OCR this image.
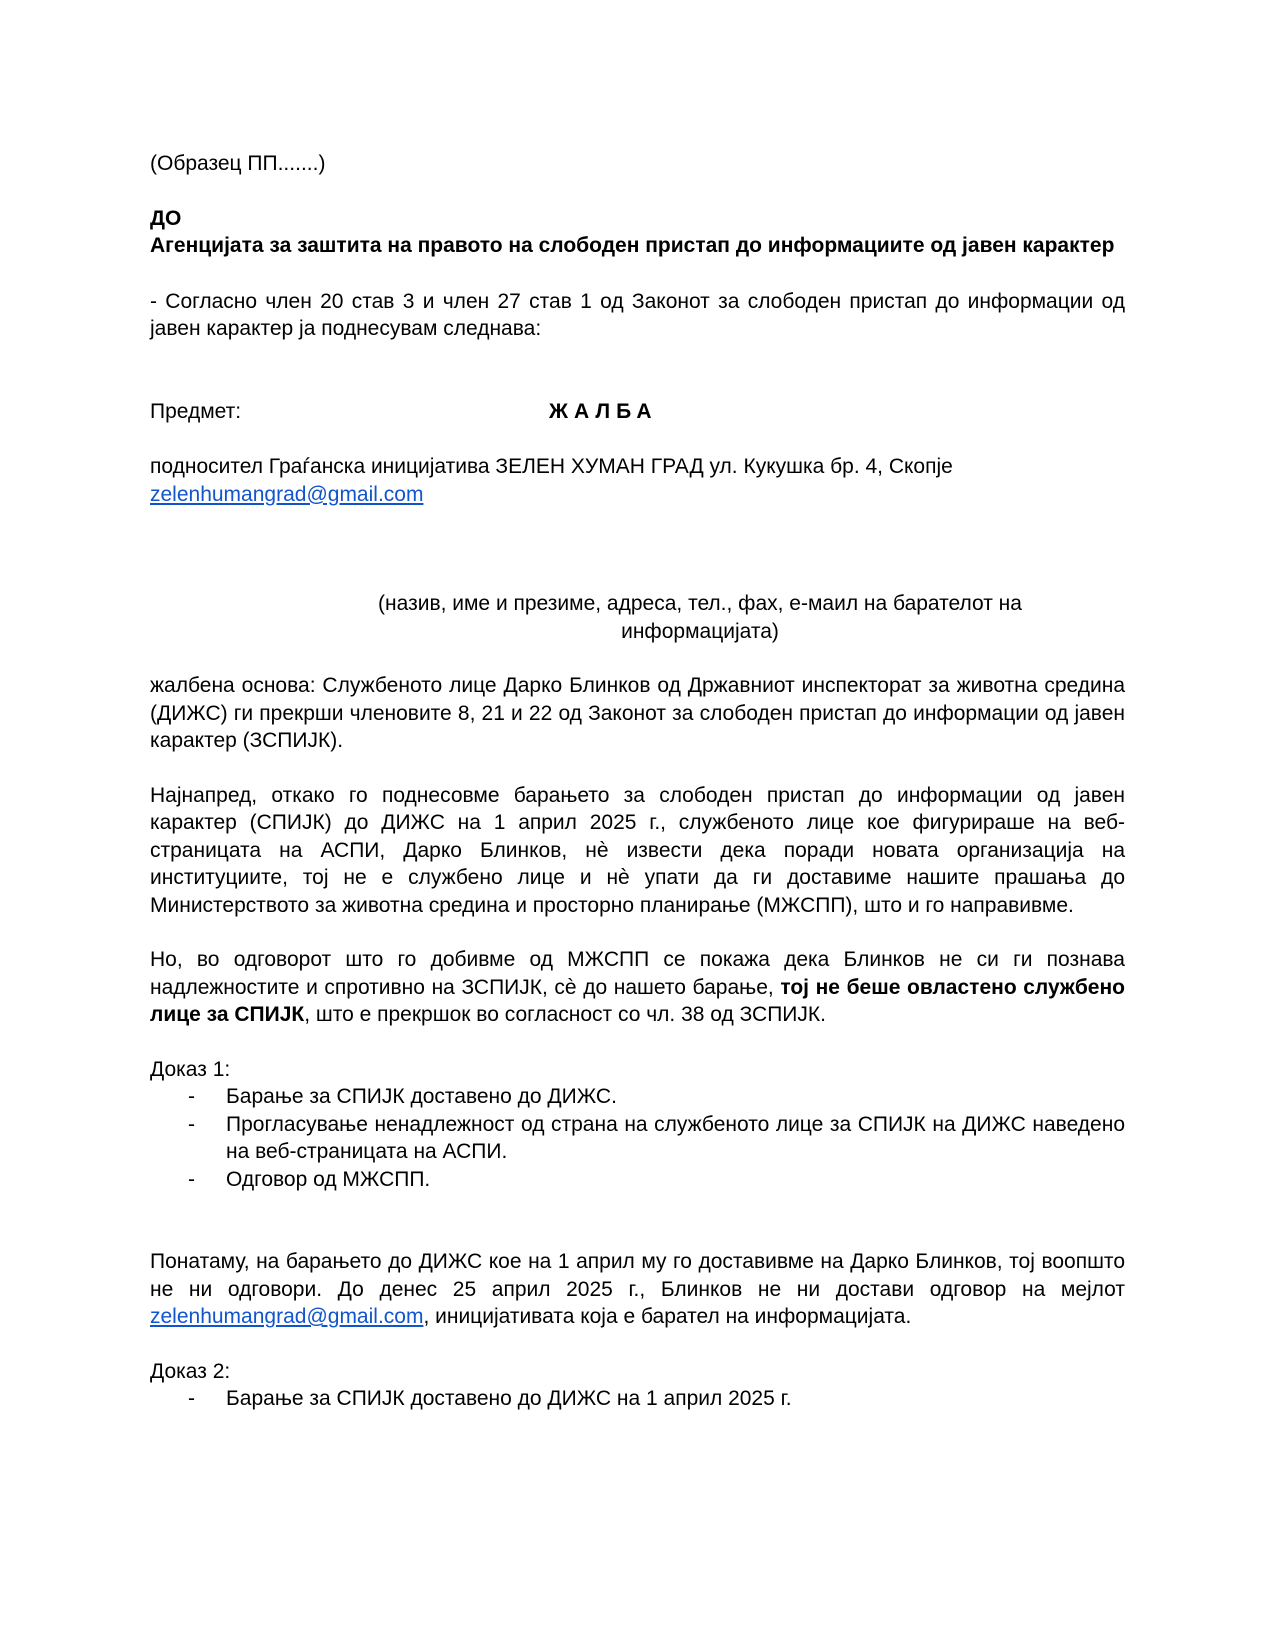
(Образец ПП.......)

ДО

Агенцијата за заштита на правото на слободен пристап до информациите од јавен карактер

- Согласно член 20 став 3 и член 27 став 1 од Законот за слободен пристап до информации од јавен карактер ја поднесувам следнава:

Предмет:	ЖАЛБА

подносител Граѓанска иницијатива ЗЕЛЕН ХУМАН ГРАД ул. Кукушка бр. 4, Скопје
zelenhumangrad@gmail.com

(назив, име и презиме, адреса, тел., фах, е-маил на барателот на информацијата)

жалбена основа: Службеното лице Дарко Блинков од Државниот инспекторат за животна средина (ДИЖС) ги прекрши членовите 8, 21 и 22 од Законот за слободен пристап до информации од јавен карактер (ЗСПИЈК).

Најнапред, откако го поднесовме барањето за слободен пристап до информации од јавен карактер (СПИЈК) до ДИЖС на 1 април 2025 г., службеното лице кое фигурираше на веб-страницата на АСПИ, Дарко Блинков, нè извести дека поради новата организација на институциите, тој не е службено лице и нè упати да ги доставиме нашите прашања до Министерството за животна средина и просторно планирање (МЖСПП), што и го направивме.

Но, во одговорот што го добивме од МЖСПП се покажа дека Блинков не си ги познава надлежностите и спротивно на ЗСПИЈК, сè до нашето барање, тој не беше овластено службено лице за СПИЈК, што е прекршок во согласност со чл. 38 од ЗСПИЈК.

Доказ 1:

- Барање за СПИЈК доставено до ДИЖС.
- Прогласување ненадлежност од страна на службеното лице за СПИЈК на ДИЖС наведено на веб-страницата на АСПИ.
- Одговор од МЖСПП.

Понатаму, на барањето до ДИЖС кое на 1 април му го доставивме на Дарко Блинков, тој воопшто не ни одговори. До денес 25 април 2025 г., Блинков не ни достави одговор на мејлот zelenhumangrad@gmail.com, иницијативата која е барател на информацијата.

Доказ 2:

- Барање за СПИЈК доставено до ДИЖС на 1 април 2025 г.
